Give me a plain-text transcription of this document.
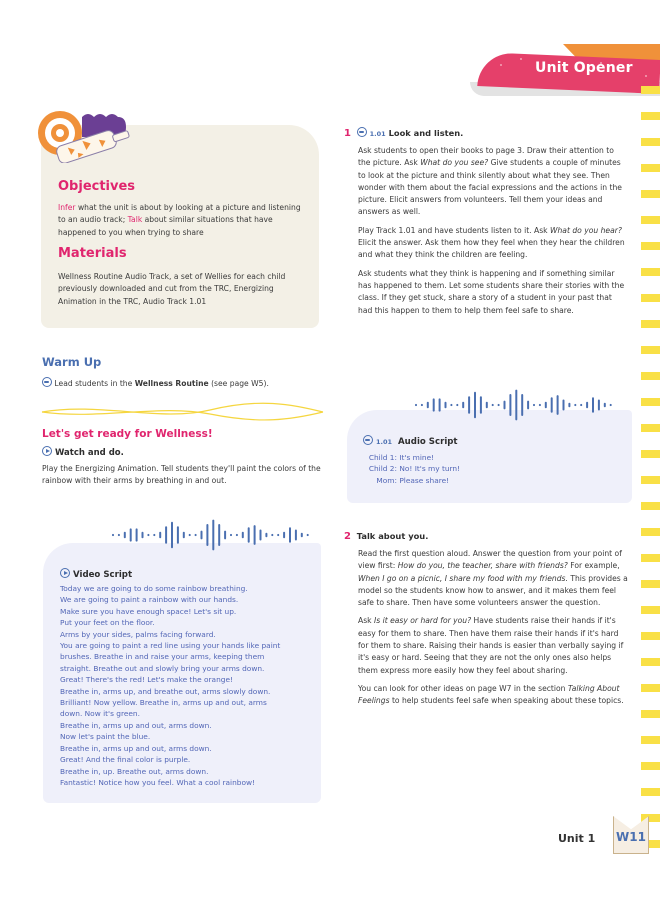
Unit Opener
Objectives
Infer what the unit is about by looking at a picture and listening to an audio track; Talk about similar situations that have happened to you when trying to share
Materials
Wellness Routine Audio Track, a set of Wellies for each child previously downloaded and cut from the TRC, Energizing Animation in the TRC, Audio Track 1.01
Warm Up
Lead students in the Wellness Routine (see page W5).
Let's get ready for Wellness!
Watch and do.
Play the Energizing Animation. Tell students they'll paint the colors of the rainbow with their arms by breathing in and out.
Video Script
Today we are going to do some rainbow breathing.
We are going to paint a rainbow with our hands.
Make sure you have enough space! Let's sit up.
Put your feet on the floor.
Arms by your sides, palms facing forward.
You are going to paint a red line using your hands like paint
brushes. Breathe in and raise your arms, keeping them
straight. Breathe out and slowly bring your arms down.
Great! There's the red! Let's make the orange!
Breathe in, arms up, and breathe out, arms slowly down.
Brilliant! Now yellow. Breathe in, arms up and out, arms
down. Now it's green.
Breathe in, arms up and out, arms down.
Now let's paint the blue.
Breathe in, arms up and out, arms down.
Great! And the final color is purple.
Breathe in, up. Breathe out, arms down.
Fantastic! Notice how you feel. What a cool rainbow!
1	1.01 Look and listen.

Ask students to open their books to page 3. Draw their attention to the picture. Ask What do you see? Give students a couple of minutes to look at the picture and think silently about what they see. Then wonder with them about the facial expressions and the actions in the picture. Elicit answers from volunteers. Tell them your ideas and answers as well.

Play Track 1.01 and have students listen to it. Ask What do you hear? Elicit the answer. Ask them how they feel when they hear the children and what they think the children are feeling.

Ask students what they think is happening and if something similar has happened to them. Let some students share their stories with the class. If they get stuck, share a story of a student in your past that had this happen to them to help them feel safe to share.

1.01 Audio Script
Child 1: It's mine!
Child 2: No! It's my turn!
Mom: Please share!
2 Talk about you.

Read the first question aloud. Answer the question from your point of view first: How do you, the teacher, share with friends? For example, When I go on a picnic, I share my food with my friends. This provides a model so the students know how to answer, and it makes them feel safe to share. Then have some volunteers answer the question.

Ask Is it easy or hard for you? Have students raise their hands if it's easy for them to share. Then have them raise their hands if it's hard for them to share. Raising their hands is easier than verbally saying if it's easy or hard. Seeing that they are not the only ones also helps them express more easily how they feel about sharing.

You can look for other ideas on page W7 in the section Talking About Feelings to help students feel safe when speaking about these topics.

Unit 1 W11
